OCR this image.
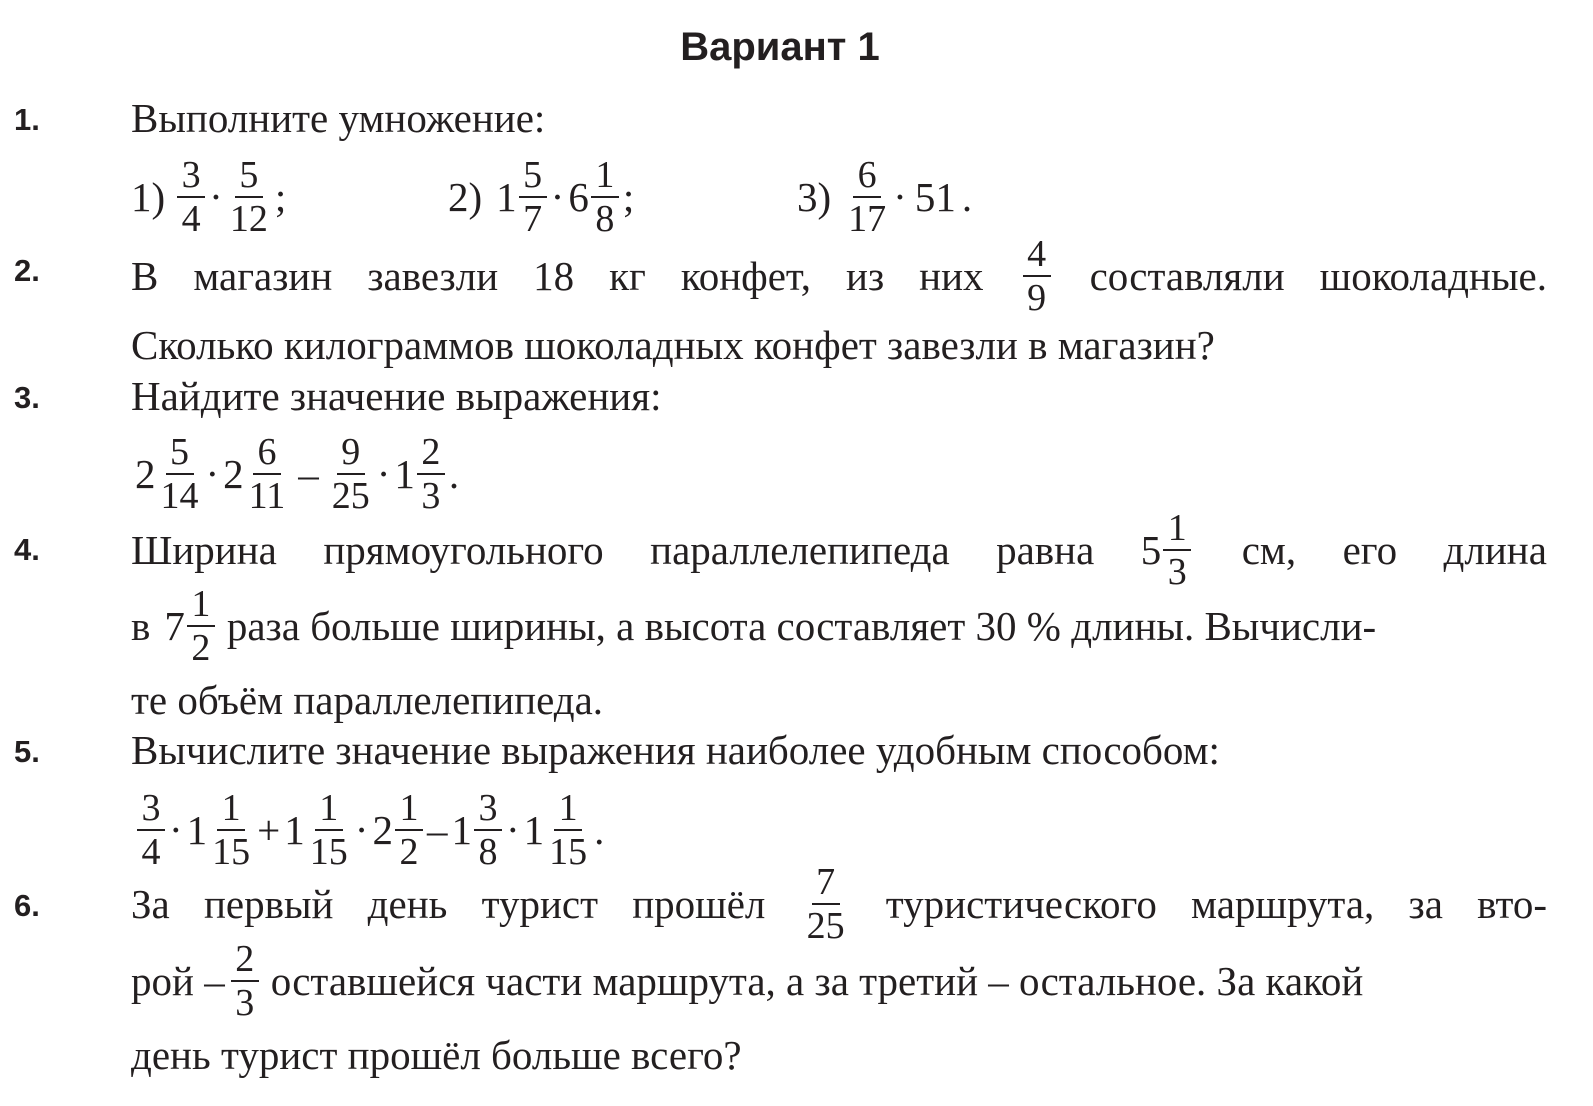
Вариант 1
1. Выполните умножение:
$1) \frac{3}{4} \cdot \frac{5}{12}$ ;	2) $1 \frac{5}{7} \cdot 6 \frac{1}{8}$ ;	$3) \frac{6}{17} \cdot 51$ .
2. В магазин завезли 18 кг конфет, из них $\frac{4}{9}$ составляли шоколадные.
Сколько килограммов шоколадных конфет завезли в магазин?
3. Найдите значение выражения:
$2 \frac{5}{14} \cdot 2 \frac{6}{11} - \frac{9}{25} \cdot 1 \frac{2}{3}$ .
4. Ширина прямоугольного параллелепипеда равна $5 \frac{1}{3}$ см, его длина
в $7 \frac{1}{2}$ раза больше ширины, а высота составляет 30 % длины. Вычисли-
те объём параллелепипеда.
5. Вычислите значение выражения наиболее удобным способом:
$\frac{3}{4} \cdot 1 \frac{1}{15} + 1 \frac{1}{15} \cdot 2 \frac{1}{2} - 1 \frac{3}{8} \cdot 1 \frac{1}{15}$ .
6. За первый день турист прошёл $\frac{7}{25}$ туристического маршрута, за вто-
рой – $\frac{2}{3}$ оставшейся части маршрута, а за третий – остальное. За какой
день турист прошёл больше всего?
